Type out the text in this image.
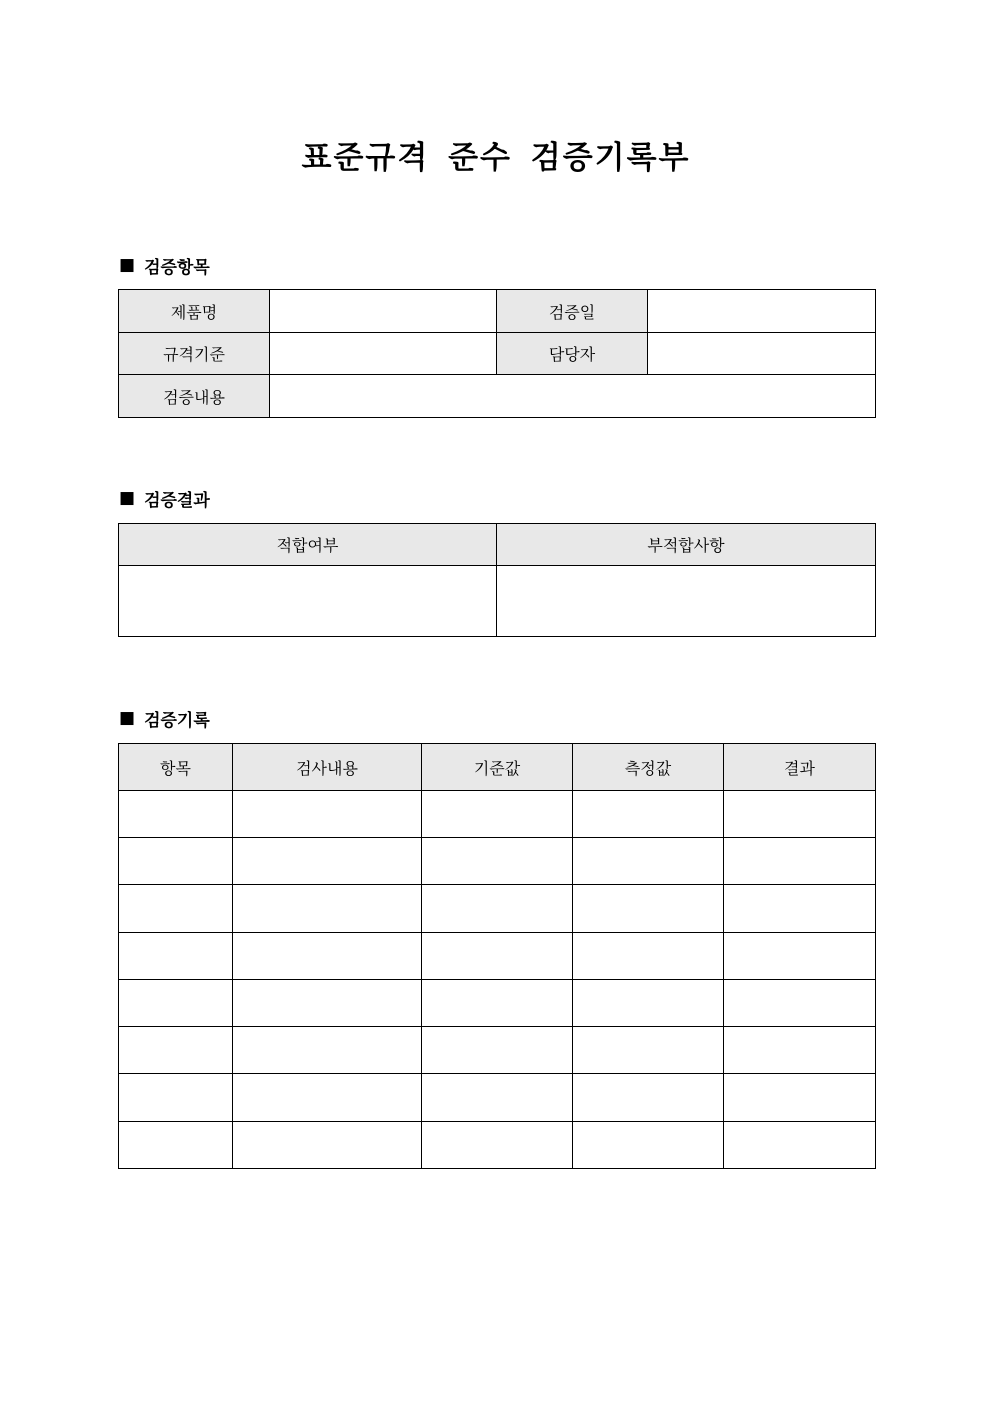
표준규격 준수 검증기록부
■ 검증항목
제품명		검증일	
규격기준		담당자	
검증내용			
■ 검증결과
적합여부	부적합사항

■ 검증기록
항목	검사내용	기준값	측정값	결과
